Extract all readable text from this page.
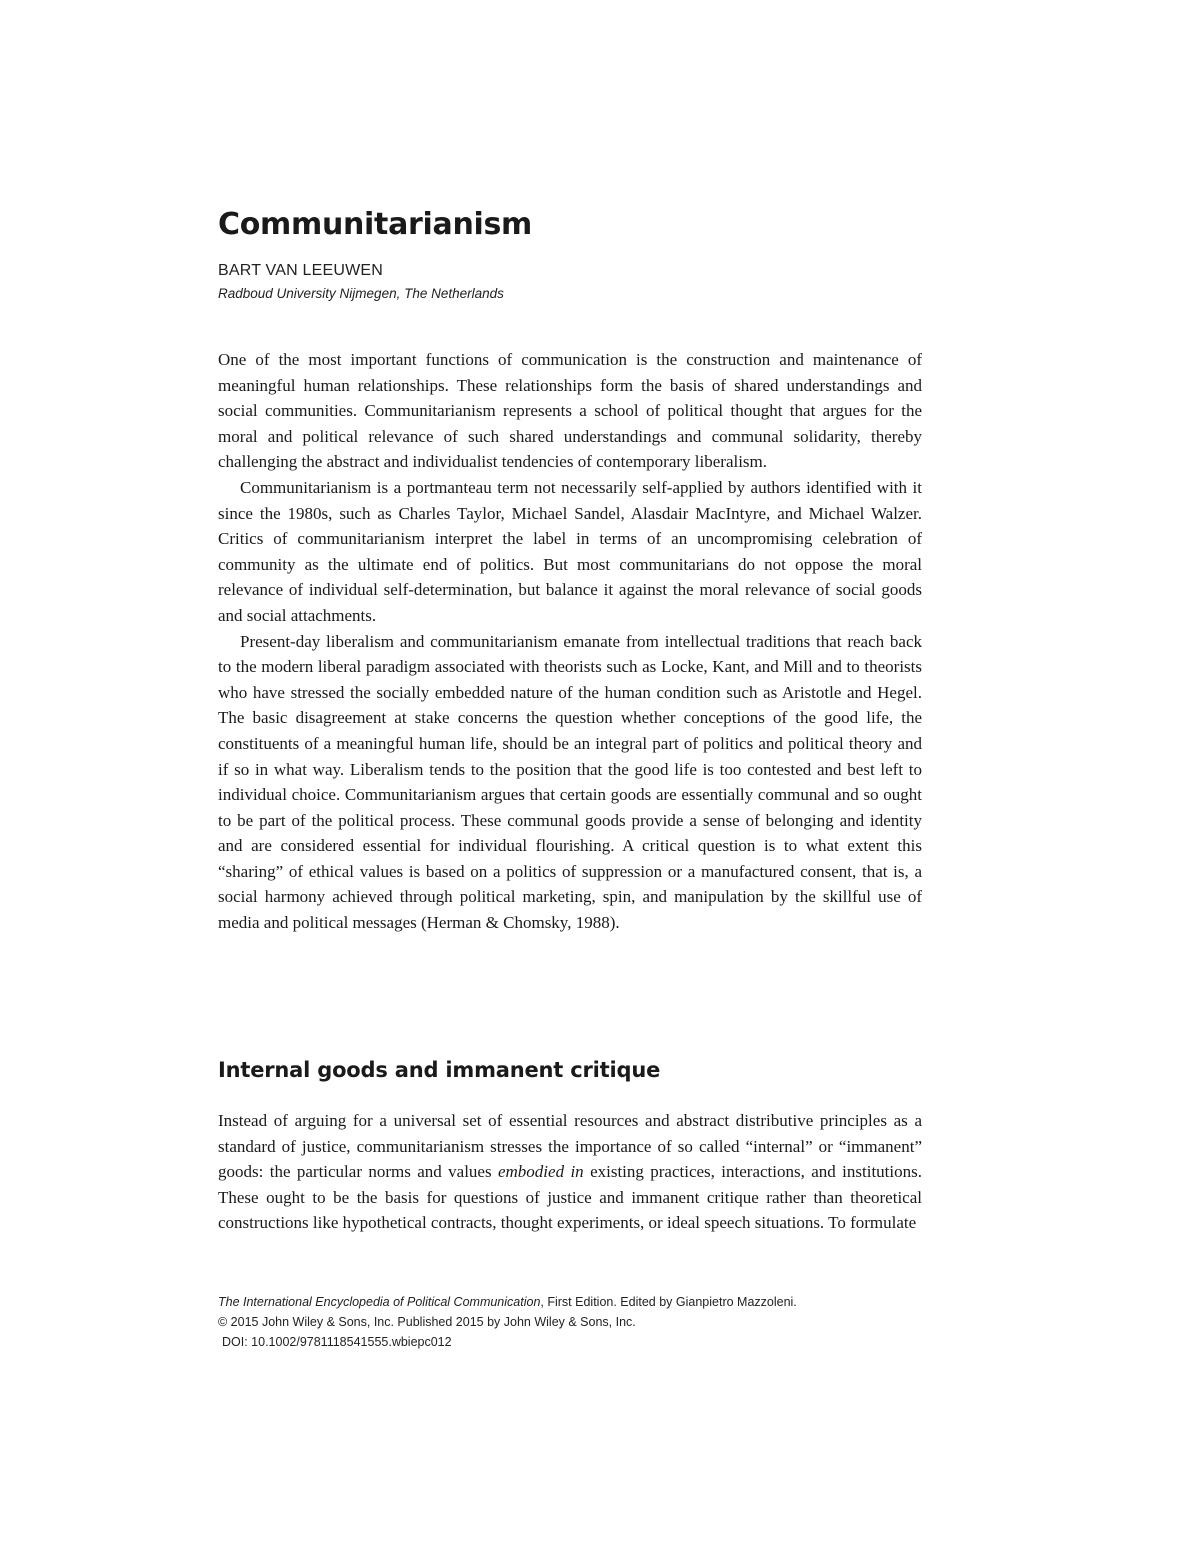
Communitarianism
BART VAN LEEUWEN
Radboud University Nijmegen, The Netherlands

One of the most important functions of communication is the construction and maintenance of meaningful human relationships. These relationships form the basis of shared understandings and social communities. Communitarianism represents a school of political thought that argues for the moral and political relevance of such shared understandings and communal solidarity, thereby challenging the abstract and individualist tendencies of contemporary liberalism.

Communitarianism is a portmanteau term not necessarily self-applied by authors identified with it since the 1980s, such as Charles Taylor, Michael Sandel, Alasdair MacIntyre, and Michael Walzer. Critics of communitarianism interpret the label in terms of an uncompromising celebration of community as the ultimate end of politics. But most communitarians do not oppose the moral relevance of individual self-determination, but balance it against the moral relevance of social goods and social attachments.

Present-day liberalism and communitarianism emanate from intellectual traditions that reach back to the modern liberal paradigm associated with theorists such as Locke, Kant, and Mill and to theorists who have stressed the socially embedded nature of the human condition such as Aristotle and Hegel. The basic disagreement at stake concerns the question whether conceptions of the good life, the constituents of a meaningful human life, should be an integral part of politics and political theory and if so in what way. Liberalism tends to the position that the good life is too contested and best left to individual choice. Communitarianism argues that certain goods are essentially communal and so ought to be part of the political process. These communal goods provide a sense of belonging and identity and are considered essential for individual flourishing. A critical question is to what extent this “sharing” of ethical values is based on a politics of suppression or a manufactured consent, that is, a social harmony achieved through political marketing, spin, and manipulation by the skillful use of media and political messages (Herman & Chomsky, 1988).

Internal goods and immanent critique

Instead of arguing for a universal set of essential resources and abstract distributive principles as a standard of justice, communitarianism stresses the importance of so called “internal” or “immanent” goods: the particular norms and values embodied in existing practices, interactions, and institutions. These ought to be the basis for questions of justice and immanent critique rather than theoretical constructions like hypothetical contracts, thought experiments, or ideal speech situations. To formulate

The International Encyclopedia of Political Communication, First Edition. Edited by Gianpietro Mazzoleni.
© 2015 John Wiley & Sons, Inc. Published 2015 by John Wiley & Sons, Inc.
DOI: 10.1002/9781118541555.wbiepc012
